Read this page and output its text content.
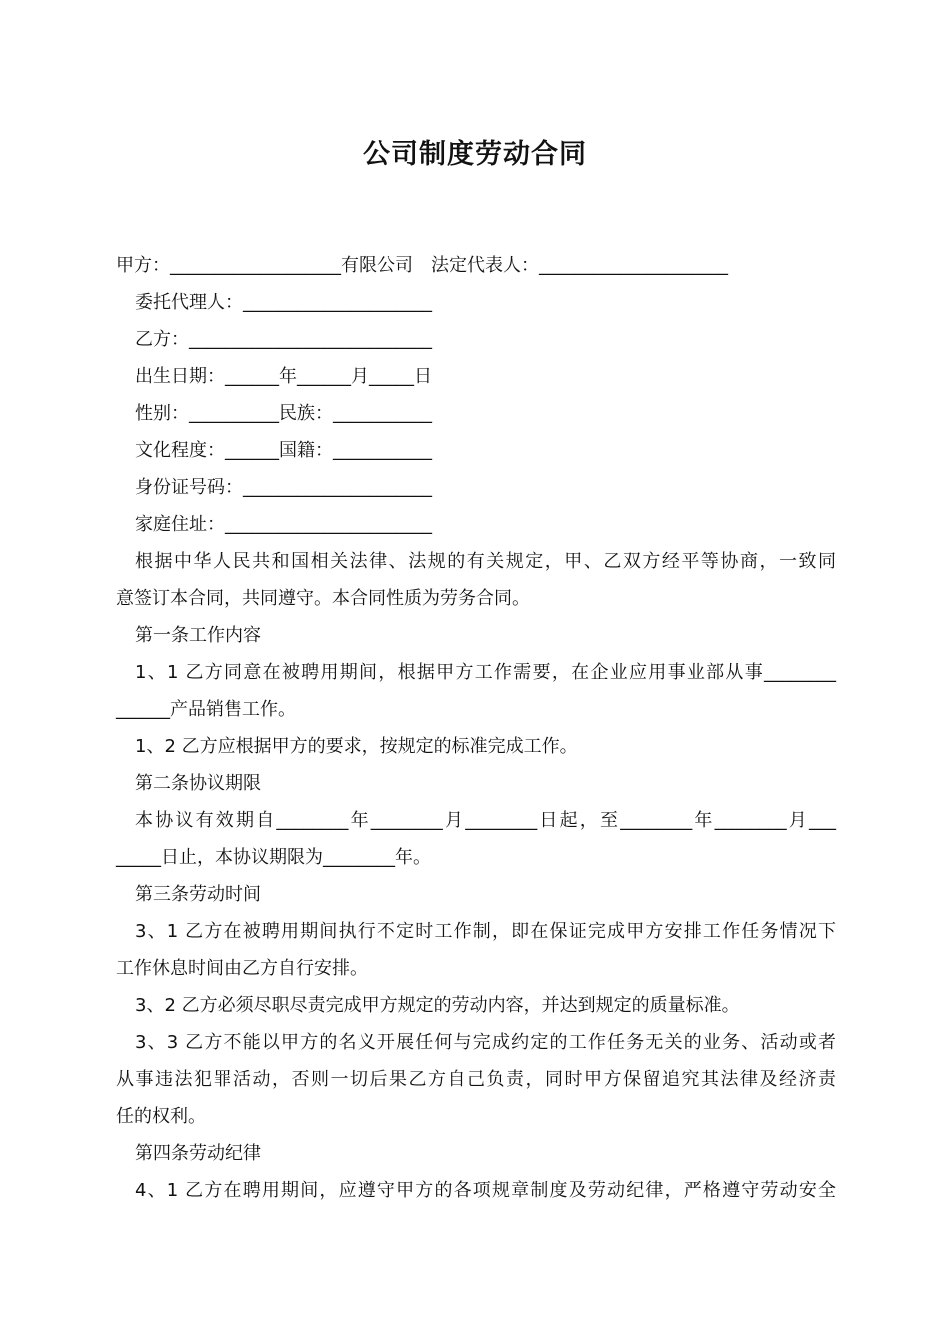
公司制度劳动合同
甲方：___________________有限公司　法定代表人：_____________________
委托代理人：_____________________
乙方：___________________________
出生日期：______年______月_____日
性别：__________民族：___________
文化程度：______国籍：___________
身份证号码：_____________________
家庭住址：_______________________
根据中华人民共和国相关法律、法规的有关规定，甲、乙双方经平等协商，一致同
意签订本合同，共同遵守。本合同性质为劳务合同。
第一条工作内容
1、1 乙方同意在被聘用期间，根据甲方工作需要，在企业应用事业部从事________
______产品销售工作。
1、2 乙方应根据甲方的要求，按规定的标准完成工作。
第二条协议期限
本协议有效期自________年________月________日起，至________年________月___
_____日止，本协议期限为________年。
第三条劳动时间
3、1 乙方在被聘用期间执行不定时工作制，即在保证完成甲方安排工作任务情况下
工作休息时间由乙方自行安排。
3、2 乙方必须尽职尽责完成甲方规定的劳动内容，并达到规定的质量标准。
3、3 乙方不能以甲方的名义开展任何与完成约定的工作任务无关的业务、活动或者
从事违法犯罪活动，否则一切后果乙方自己负责，同时甲方保留追究其法律及经济责
任的权利。
第四条劳动纪律
4、1 乙方在聘用期间，应遵守甲方的各项规章制度及劳动纪律，严格遵守劳动安全
